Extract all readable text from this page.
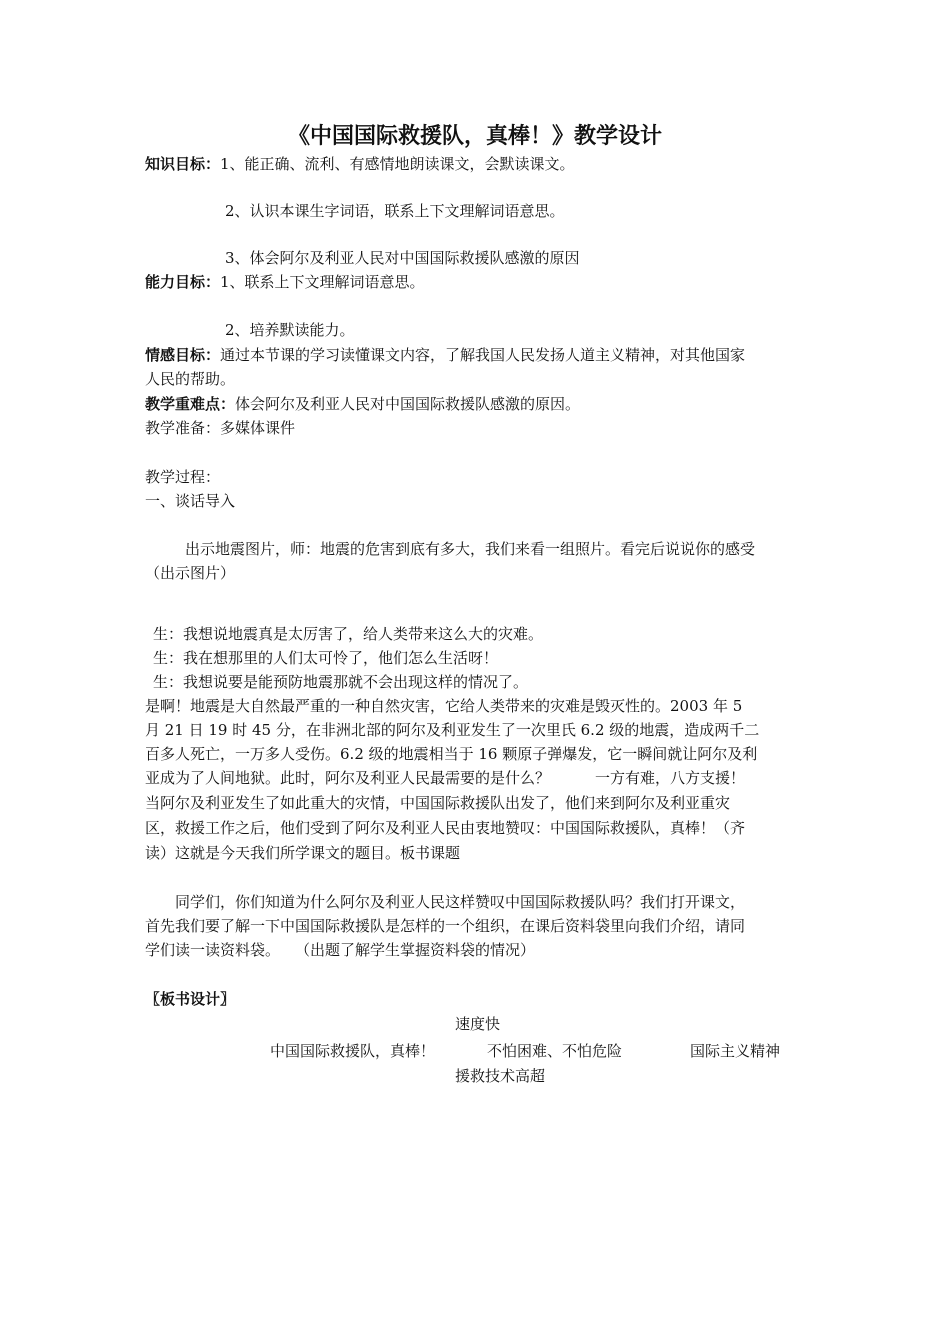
《中国国际救援队，真棒！》教学设计
知识目标：1、能正确、流利、有感情地朗读课文，会默读课文。
2、认识本课生字词语，联系上下文理解词语意思。
3、体会阿尔及利亚人民对中国国际救援队感激的原因
能力目标：1、联系上下文理解词语意思。
2、培养默读能力。
情感目标：通过本节课的学习读懂课文内容，了解我国人民发扬人道主义精神，对其他国家
人民的帮助。
教学重难点：体会阿尔及利亚人民对中国国际救援队感激的原因。
教学准备：多媒体课件
教学过程：
一、谈话导入
出示地震图片，师：地震的危害到底有多大，我们来看一组照片。看完后说说你的感受
（出示图片）
生：我想说地震真是太厉害了，给人类带来这么大的灾难。
生：我在想那里的人们太可怜了，他们怎么生活呀！
生：我想说要是能预防地震那就不会出现这样的情况了。
是啊！地震是大自然最严重的一种自然灾害，它给人类带来的灾难是毁灭性的。2003 年 5
月 21 日 19 时 45 分，在非洲北部的阿尔及利亚发生了一次里氏 6.2 级的地震，造成两千二
百多人死亡，一万多人受伤。6.2 级的地震相当于 16 颗原子弹爆发，它一瞬间就让阿尔及利
亚成为了人间地狱。此时，阿尔及利亚人民最需要的是什么？　　　一方有难，八方支援！
当阿尔及利亚发生了如此重大的灾情，中国国际救援队出发了，他们来到阿尔及利亚重灾
区，救援工作之后，他们受到了阿尔及利亚人民由衷地赞叹：中国国际救援队，真棒！（齐
读）这就是今天我们所学课文的题目。板书课题
同学们，你们知道为什么阿尔及利亚人民这样赞叹中国国际救援队吗？我们打开课文，
首先我们要了解一下中国国际救援队是怎样的一个组织，在课后资料袋里向我们介绍，请同
学们读一读资料袋。　　（出题了解学生掌握资料袋的情况）
〖板书设计〗
速度快
中国国际救援队，真棒！	不怕困难、不怕危险	国际主义精神
援救技术高超
